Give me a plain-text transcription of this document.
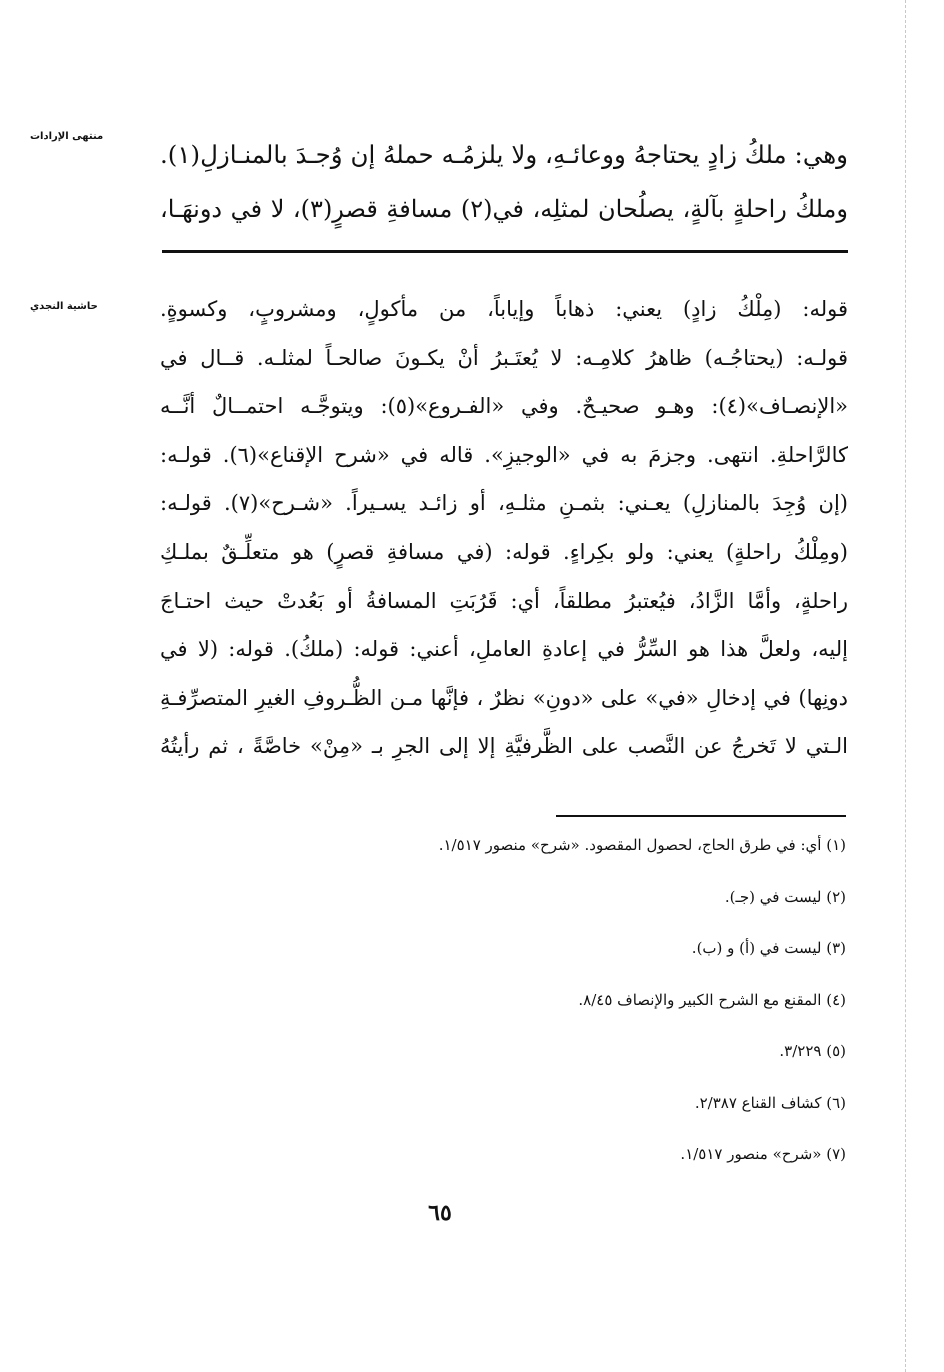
منتهى الإرادات
حاشية النجدي
وهي: ملكُ زادٍ يحتاجهُ ووعائـهِ، ولا يلزمُـه حملهُ إن وُجـدَ بالمنـازلِ(١).
وملكُ راحلةٍ بآلةٍ، يصلُحان لمثلِه، في(٢) مسافةِ قصرٍ(٣)، لا في دونهَـا،
قوله: (مِلْكُ زادٍ) يعني: ذهاباً وإياباً، من مأكولٍ، ومشروبٍ، وكسوةٍ.
قولـه: (يحتاجُـه) ظاهرُ كلامِـه: لا يُعتَـبرُ أنْ يكـونَ صالحـاً لمثلـه. قــال في
«الإنصـاف»(٤): وهـو صحيـحٌ. وفي «الفـروع»(٥): ويتوجَّـه احتمــالٌ أنَّــه
كالرَّاحلةِ. انتهى. وجزمَ به في «الوجيزِ». قاله في «شرح الإقناع»(٦). قولـه:
(إن وُجِدَ بالمنازلِ) يعـني: بثمـنِ مثلـهِ، أو زائـد يسـيراً. «شـرح»(٧). قولـه:
(ومِلْكُ راحلةٍ) يعني: ولو بكِراءٍ. قوله: (في مسافةِ قصرٍ) هو متعلِّـقٌ بملـكِ
راحلةٍ، وأمَّا الزَّادُ، فيُعتبرُ مطلقاً، أي: قَرُبَتِ المسافةُ أو بَعُدتْ حيث احتـاجَ
إليه، ولعلَّ هذا هو السِّرُّ في إعادةِ العاملِ، أعني: قوله: (ملكُ). قوله: (لا في
دونِها) في إدخالِ «في» على «دونِ» نظرٌ ، فإنَّها مـن الظُّـروفِ الغيرِ المتصرِّفـةِ
الـتي لا تَخرجُ عن النَّصب على الظَّرفيَّةِ إلا إلى الجرِ بـ «مِنْ» خاصَّةً ، ثم رأيتُهُ
(١) أي: في طرق الحاج، لحصول المقصود. «شرح» منصور ١/٥١٧.
(٢) ليست في (جـ).
(٣) ليست في (أ) و (ب).
(٤) المقنع مع الشرح الكبير والإنصاف ٨/٤٥.
(٥) ٣/٢٢٩.
(٦) كشاف القناع ٢/٣٨٧.
(٧) «شرح» منصور ١/٥١٧.
٦٥
